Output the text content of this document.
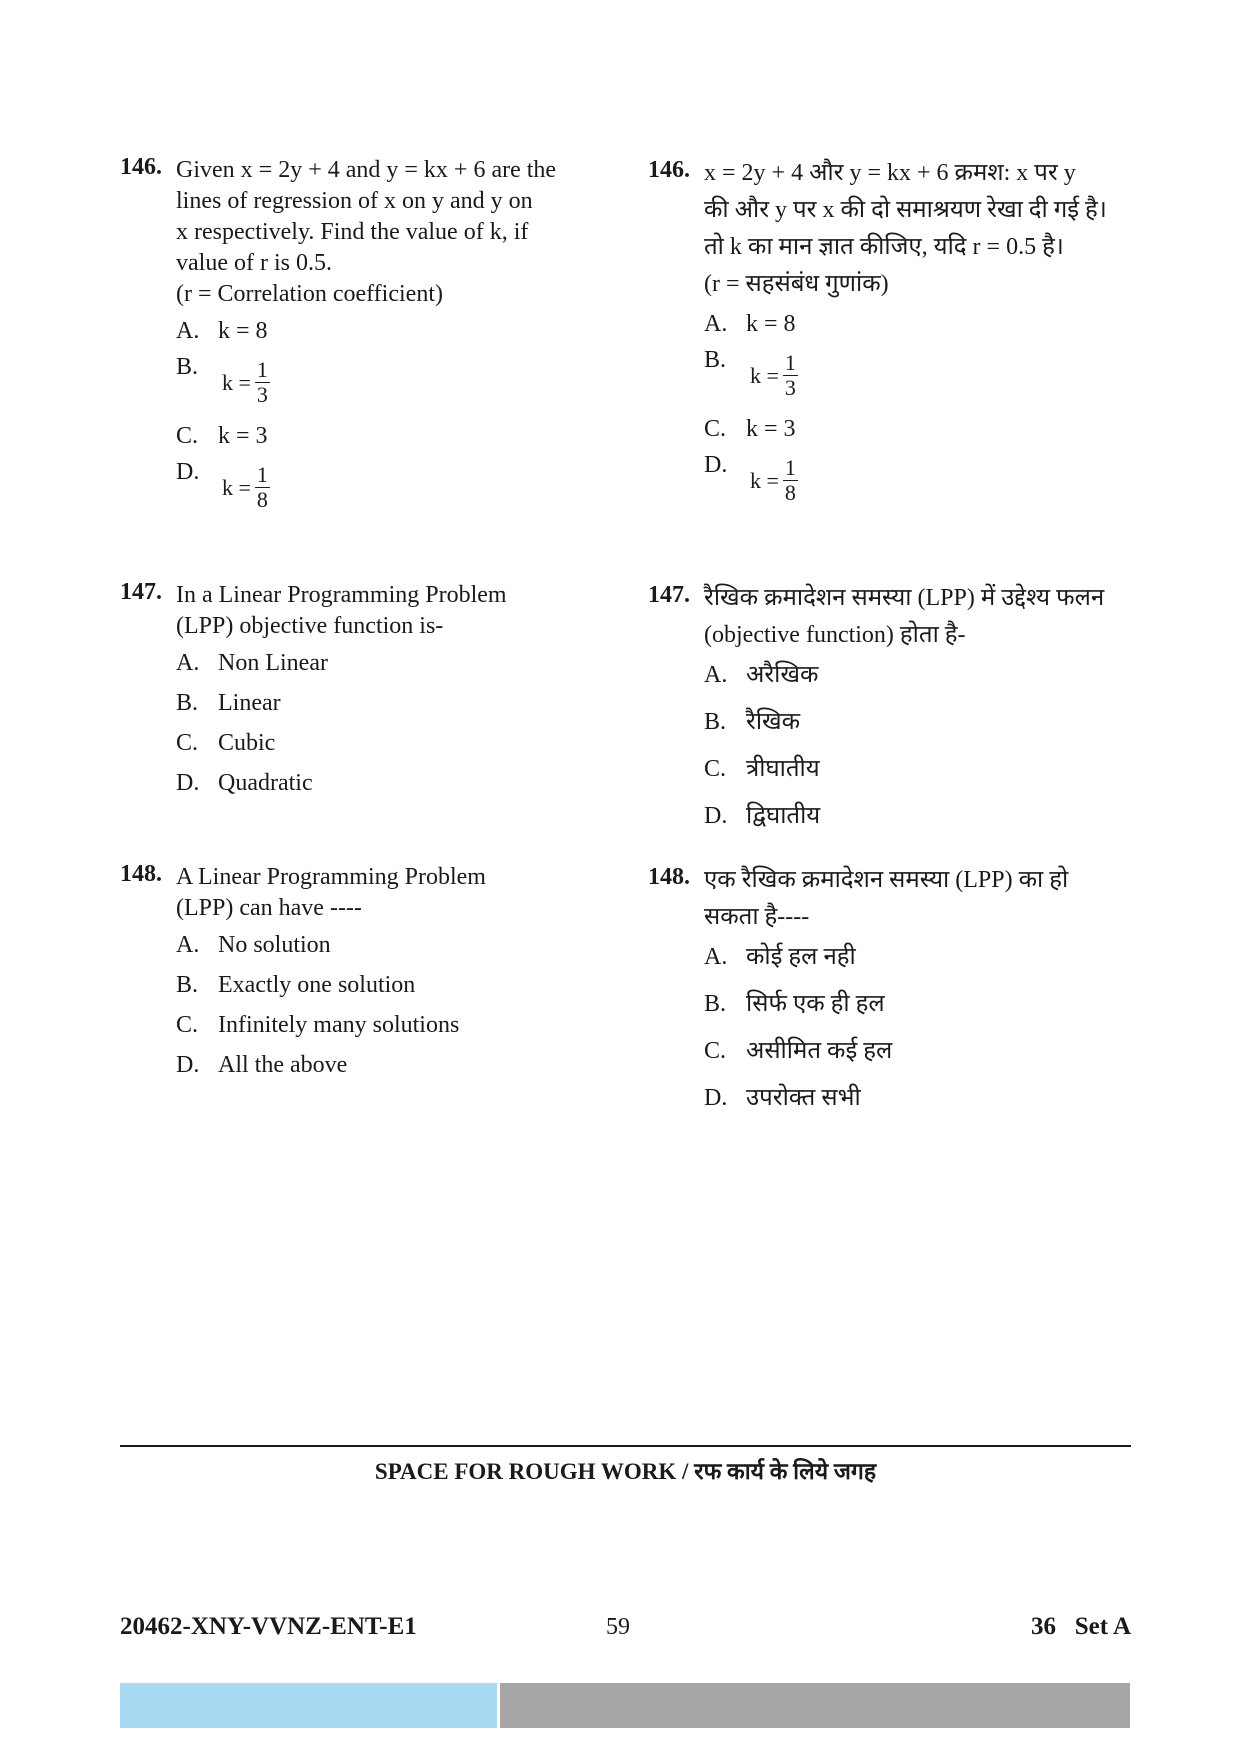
146. Given x = 2y + 4 and y = kx + 6 are the
lines of regression of x on y and y on
x respectively. Find the value of k, if
value of r is 0.5.
(r = Correlation coefficient)
A. k = 8
B.
$k = \frac{1}{3}$
C. k = 3
D.
$k = \frac{1}{8}$
147. In a Linear Programming Problem
(LPP) objective function is-
A. Non Linear
B. Linear
C. Cubic
D. Quadratic
148. A Linear Programming Problem
(LPP) can have ----
A. No solution
B. Exactly one solution
C. Infinitely many solutions
D. All the above
146. x = 2y + 4 और y = kx + 6 क्रमश: x पर y
की और y पर x की दो समाश्रयण रेखा दी गई है।
तो k का मान ज्ञात कीजिए, यदि r = 0.5 है।
(r = सहसंबंध गुणांक)
A. k = 8
B.
$k = \frac{1}{3}$
C. k = 3
D.
$k = \frac{1}{8}$
147. रैखिक क्रमादेशन समस्या (LPP) में उद्देश्य फलन
(objective function) होता है-
A. अरैखिक
B. रैखिक
C. त्रीघातीय
D. द्विघातीय
148. एक रैखिक क्रमादेशन समस्या (LPP) का हो
सकता है----
A. कोई हल नही
B. सिर्फ एक ही हल
C. असीमित कई हल
D. उपरोक्त सभी
SPACE FOR ROUGH WORK / रफ कार्य के लिये जगह
20462-XNY-VVNZ-ENT-E1	59	36   Set A
